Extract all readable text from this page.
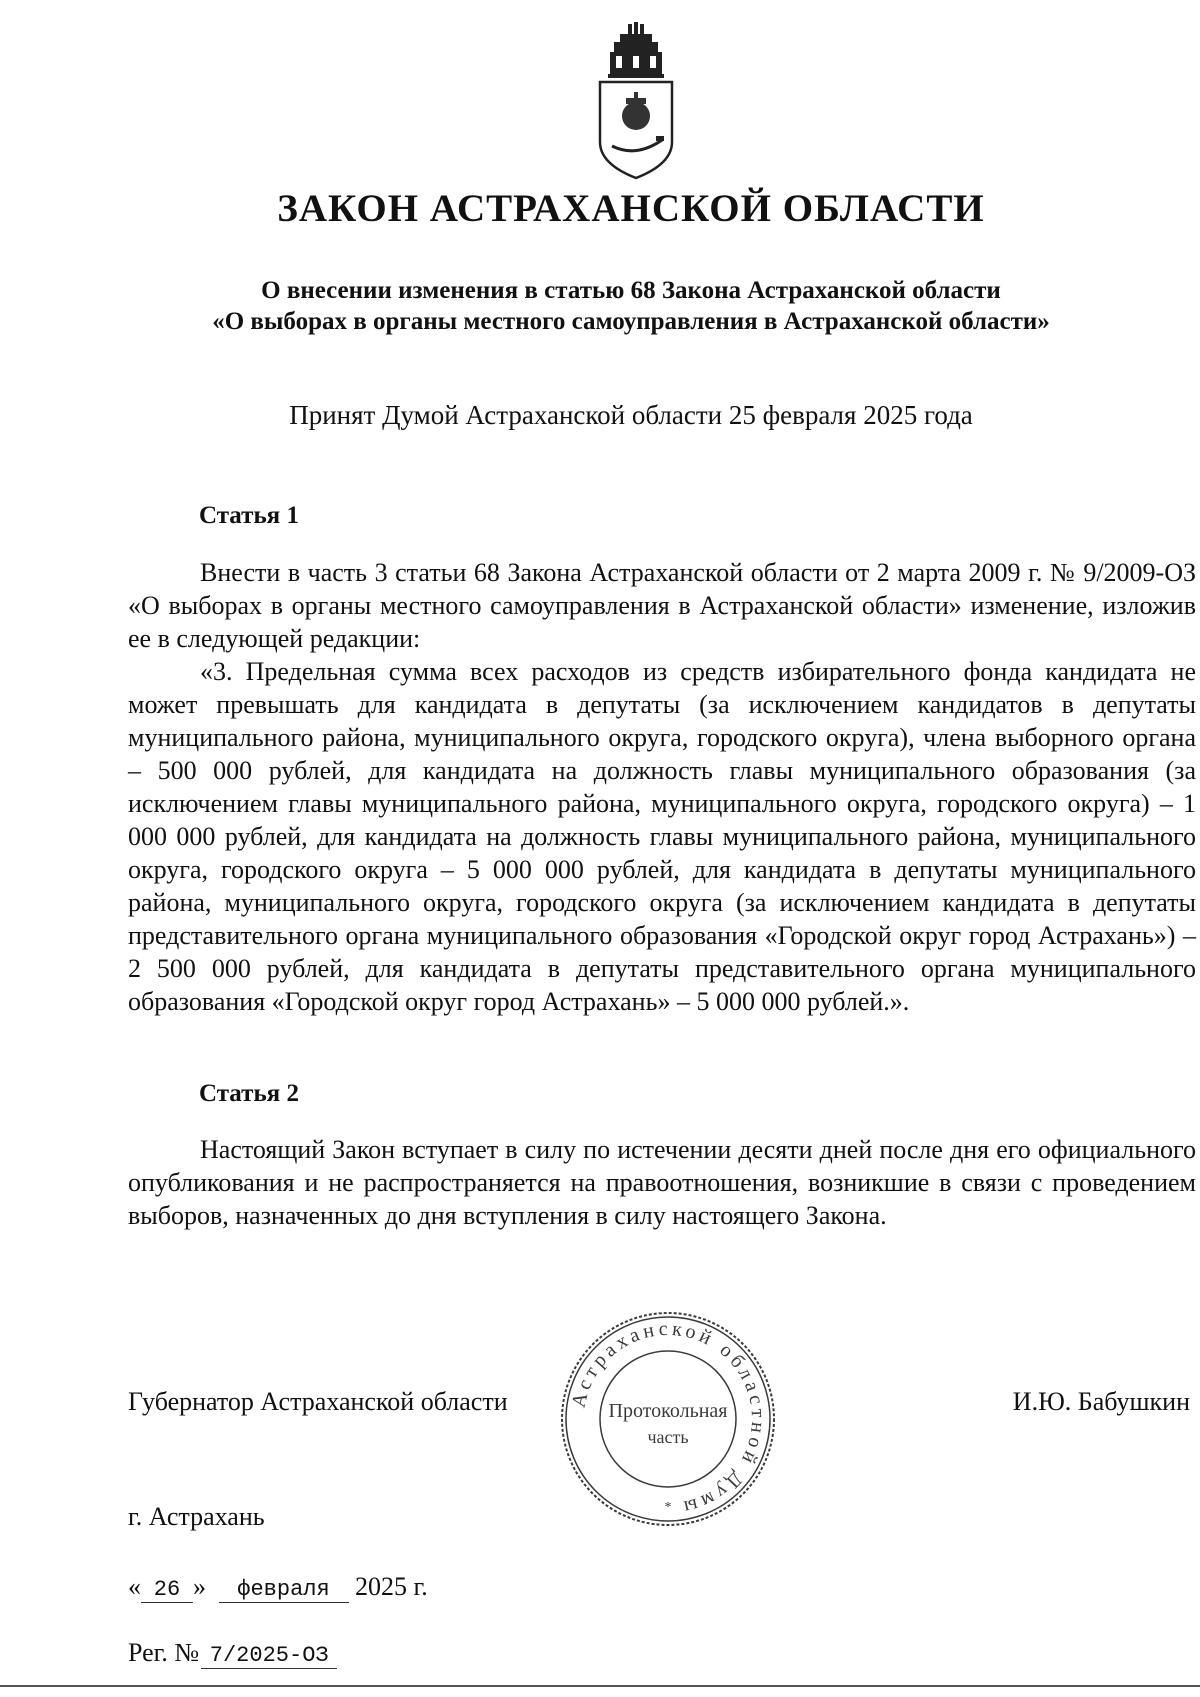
ЗАКОН АСТРАХАНСКОЙ ОБЛАСТИ
О внесении изменения в статью 68 Закона Астраханской области
«О выборах в органы местного самоуправления в Астраханской области»
Принят Думой Астраханской области 25 февраля 2025 года
Статья 1

Внести в часть 3 статьи 68 Закона Астраханской области от 2 марта 2009 г. № 9/2009-ОЗ «О выборах в органы местного самоуправления в Астраханской области» изменение, изложив ее в следующей редакции:

«3. Предельная сумма всех расходов из средств избирательного фонда кандидата не может превышать для кандидата в депутаты (за исключением кандидатов в депутаты муниципального района, муниципального округа, городского округа), члена выборного органа – 500 000 рублей, для кандидата на должность главы муниципального образования (за исключением главы муниципального района, муниципального округа, городского округа) – 1 000 000 рублей, для кандидата на должность главы муниципального района, муниципального округа, городского округа – 5 000 000 рублей, для кандидата в депутаты муниципального района, муниципального округа, городского округа (за исключением кандидата в депутаты представительного органа муниципального образования «Городской округ город Астрахань») – 2 500 000 рублей, для кандидата в депутаты представительного органа муниципального образования «Городской округ город Астрахань» – 5 000 000 рублей.».

Статья 2

Настоящий Закон вступает в силу по истечении десяти дней после дня его официального опубликования и не распространяется на правоотношения, возникшие в связи с проведением выборов, назначенных до дня вступления в силу настоящего Закона.

Губернатор Астраханской области	Астраханской областной Думы
Протокольная
часть
*
И.Ю. Бабушкин
г. Астрахань
« 26 » февраля 2025 г.
Рег. № 7/2025-ОЗ
